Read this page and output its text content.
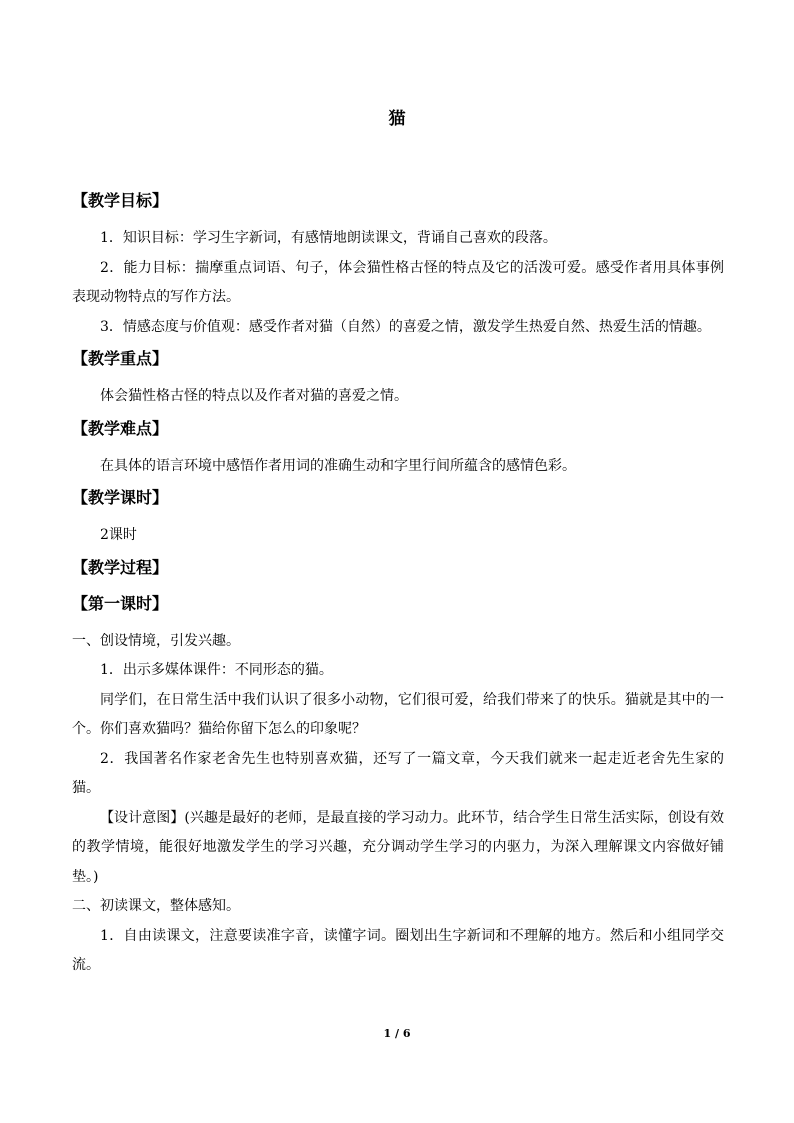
猫
【教学目标】
1．知识目标：学习生字新词，有感情地朗读课文，背诵自己喜欢的段落。
2．能力目标：揣摩重点词语、句子，体会猫性格古怪的特点及它的活泼可爱。感受作者用具体事例表现动物特点的写作方法。
3．情感态度与价值观：感受作者对猫（自然）的喜爱之情，激发学生热爱自然、热爱生活的情趣。
【教学重点】
体会猫性格古怪的特点以及作者对猫的喜爱之情。
【教学难点】
在具体的语言环境中感悟作者用词的准确生动和字里行间所蕴含的感情色彩。
【教学课时】
2课时
【教学过程】
【第一课时】
一、创设情境，引发兴趣。
1．出示多媒体课件：不同形态的猫。
同学们，在日常生活中我们认识了很多小动物，它们很可爱，给我们带来了的快乐。猫就是其中的一个。你们喜欢猫吗？猫给你留下怎么的印象呢？
2．我国著名作家老舍先生也特别喜欢猫，还写了一篇文章，今天我们就来一起走近老舍先生家的猫。
【设计意图】(兴趣是最好的老师，是最直接的学习动力。此环节，结合学生日常生活实际，创设有效的教学情境，能很好地激发学生的学习兴趣，充分调动学生学习的内驱力，为深入理解课文内容做好铺垫。)
二、初读课文，整体感知。
1．自由读课文，注意要读准字音，读懂字词。圈划出生字新词和不理解的地方。然后和小组同学交流。
1 / 6
